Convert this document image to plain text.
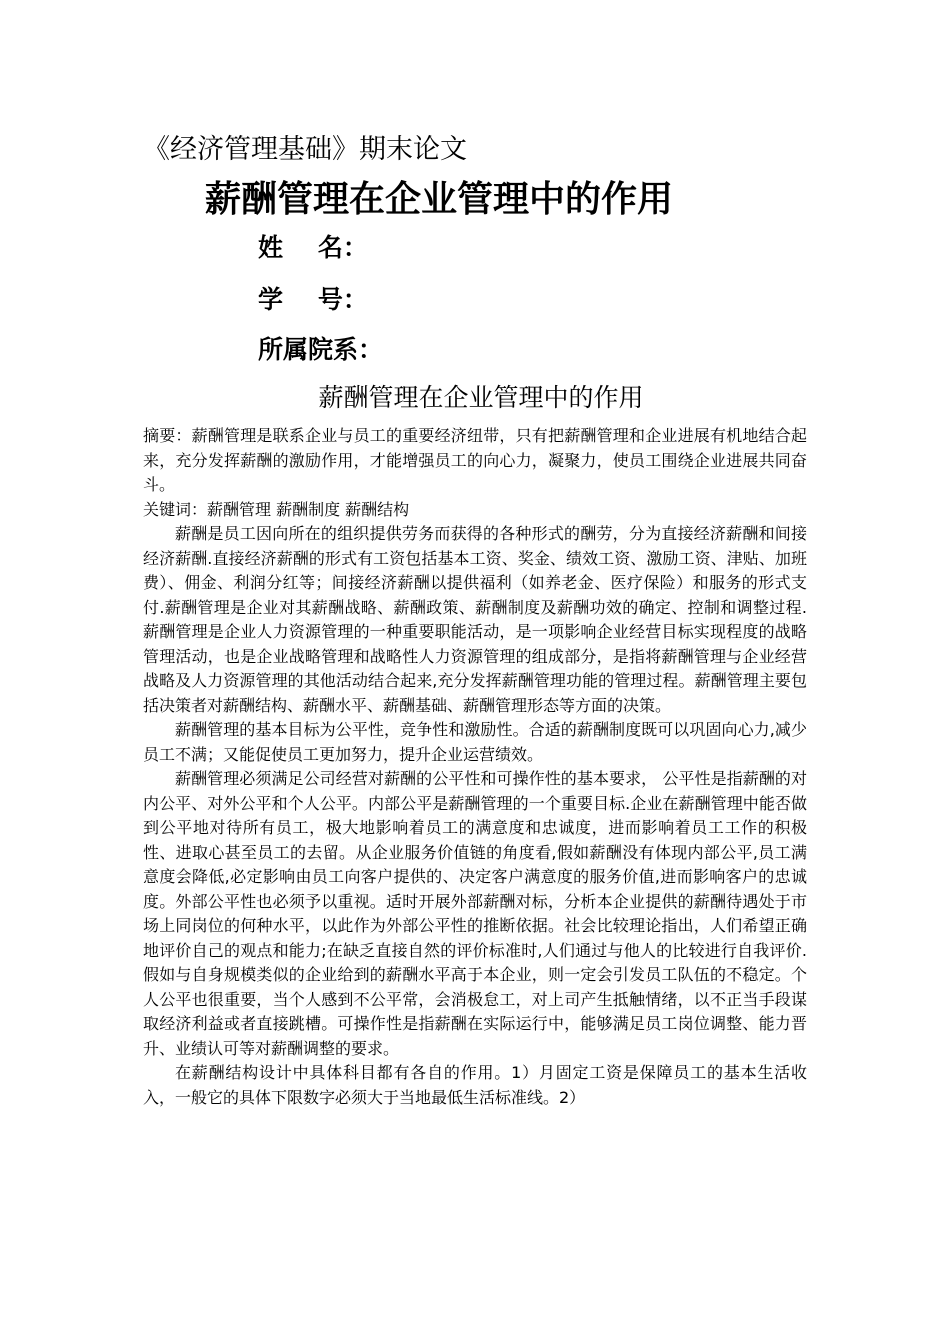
《经济管理基础》期末论文
薪酬管理在企业管理中的作用
姓    名：
学    号：
所属院系：
薪酬管理在企业管理中的作用

摘要：薪酬管理是联系企业与员工的重要经济纽带，只有把薪酬管理和企业进展有机地结合起来，充分发挥薪酬的激励作用，才能增强员工的向心力，凝聚力，使员工围绕企业进展共同奋斗。

关键词：薪酬管理 薪酬制度 薪酬结构

薪酬是员工因向所在的组织提供劳务而获得的各种形式的酬劳，分为直接经济薪酬和间接经济薪酬.直接经济薪酬的形式有工资包括基本工资、奖金、绩效工资、激励工资、津贴、加班费）、佣金、利润分红等；间接经济薪酬以提供福利（如养老金、医疗保险）和服务的形式支付.薪酬管理是企业对其薪酬战略、薪酬政策、薪酬制度及薪酬功效的确定、控制和调整过程.薪酬管理是企业人力资源管理的一种重要职能活动，是一项影响企业经营目标实现程度的战略管理活动，也是企业战略管理和战略性人力资源管理的组成部分，是指将薪酬管理与企业经营战略及人力资源管理的其他活动结合起来,充分发挥薪酬管理功能的管理过程。薪酬管理主要包括决策者对薪酬结构、薪酬水平、薪酬基础、薪酬管理形态等方面的决策。

薪酬管理的基本目标为公平性，竞争性和激励性。合适的薪酬制度既可以巩固向心力,减少员工不满；又能促使员工更加努力，提升企业运营绩效。

薪酬管理必须满足公司经营对薪酬的公平性和可操作性的基本要求， 公平性是指薪酬的对内公平、对外公平和个人公平。内部公平是薪酬管理的一个重要目标.企业在薪酬管理中能否做到公平地对待所有员工，极大地影响着员工的满意度和忠诚度，进而影响着员工工作的积极性、进取心甚至员工的去留。从企业服务价值链的角度看,假如薪酬没有体现内部公平,员工满意度会降低,必定影响由员工向客户提供的、决定客户满意度的服务价值,进而影响客户的忠诚度。外部公平性也必须予以重视。适时开展外部薪酬对标，分析本企业提供的薪酬待遇处于市场上同岗位的何种水平，以此作为外部公平性的推断依据。社会比较理论指出，人们希望正确地评价自己的观点和能力;在缺乏直接自然的评价标准时,人们通过与他人的比较进行自我评价.假如与自身规模类似的企业给到的薪酬水平高于本企业，则一定会引发员工队伍的不稳定。个人公平也很重要，当个人感到不公平常，会消极怠工，对上司产生抵触情绪，以不正当手段谋取经济利益或者直接跳槽。可操作性是指薪酬在实际运行中，能够满足员工岗位调整、能力晋升、业绩认可等对薪酬调整的要求。

在薪酬结构设计中具体科目都有各自的作用。1）月固定工资是保障员工的基本生活收入，一般它的具体下限数字必须大于当地最低生活标准线。2）
